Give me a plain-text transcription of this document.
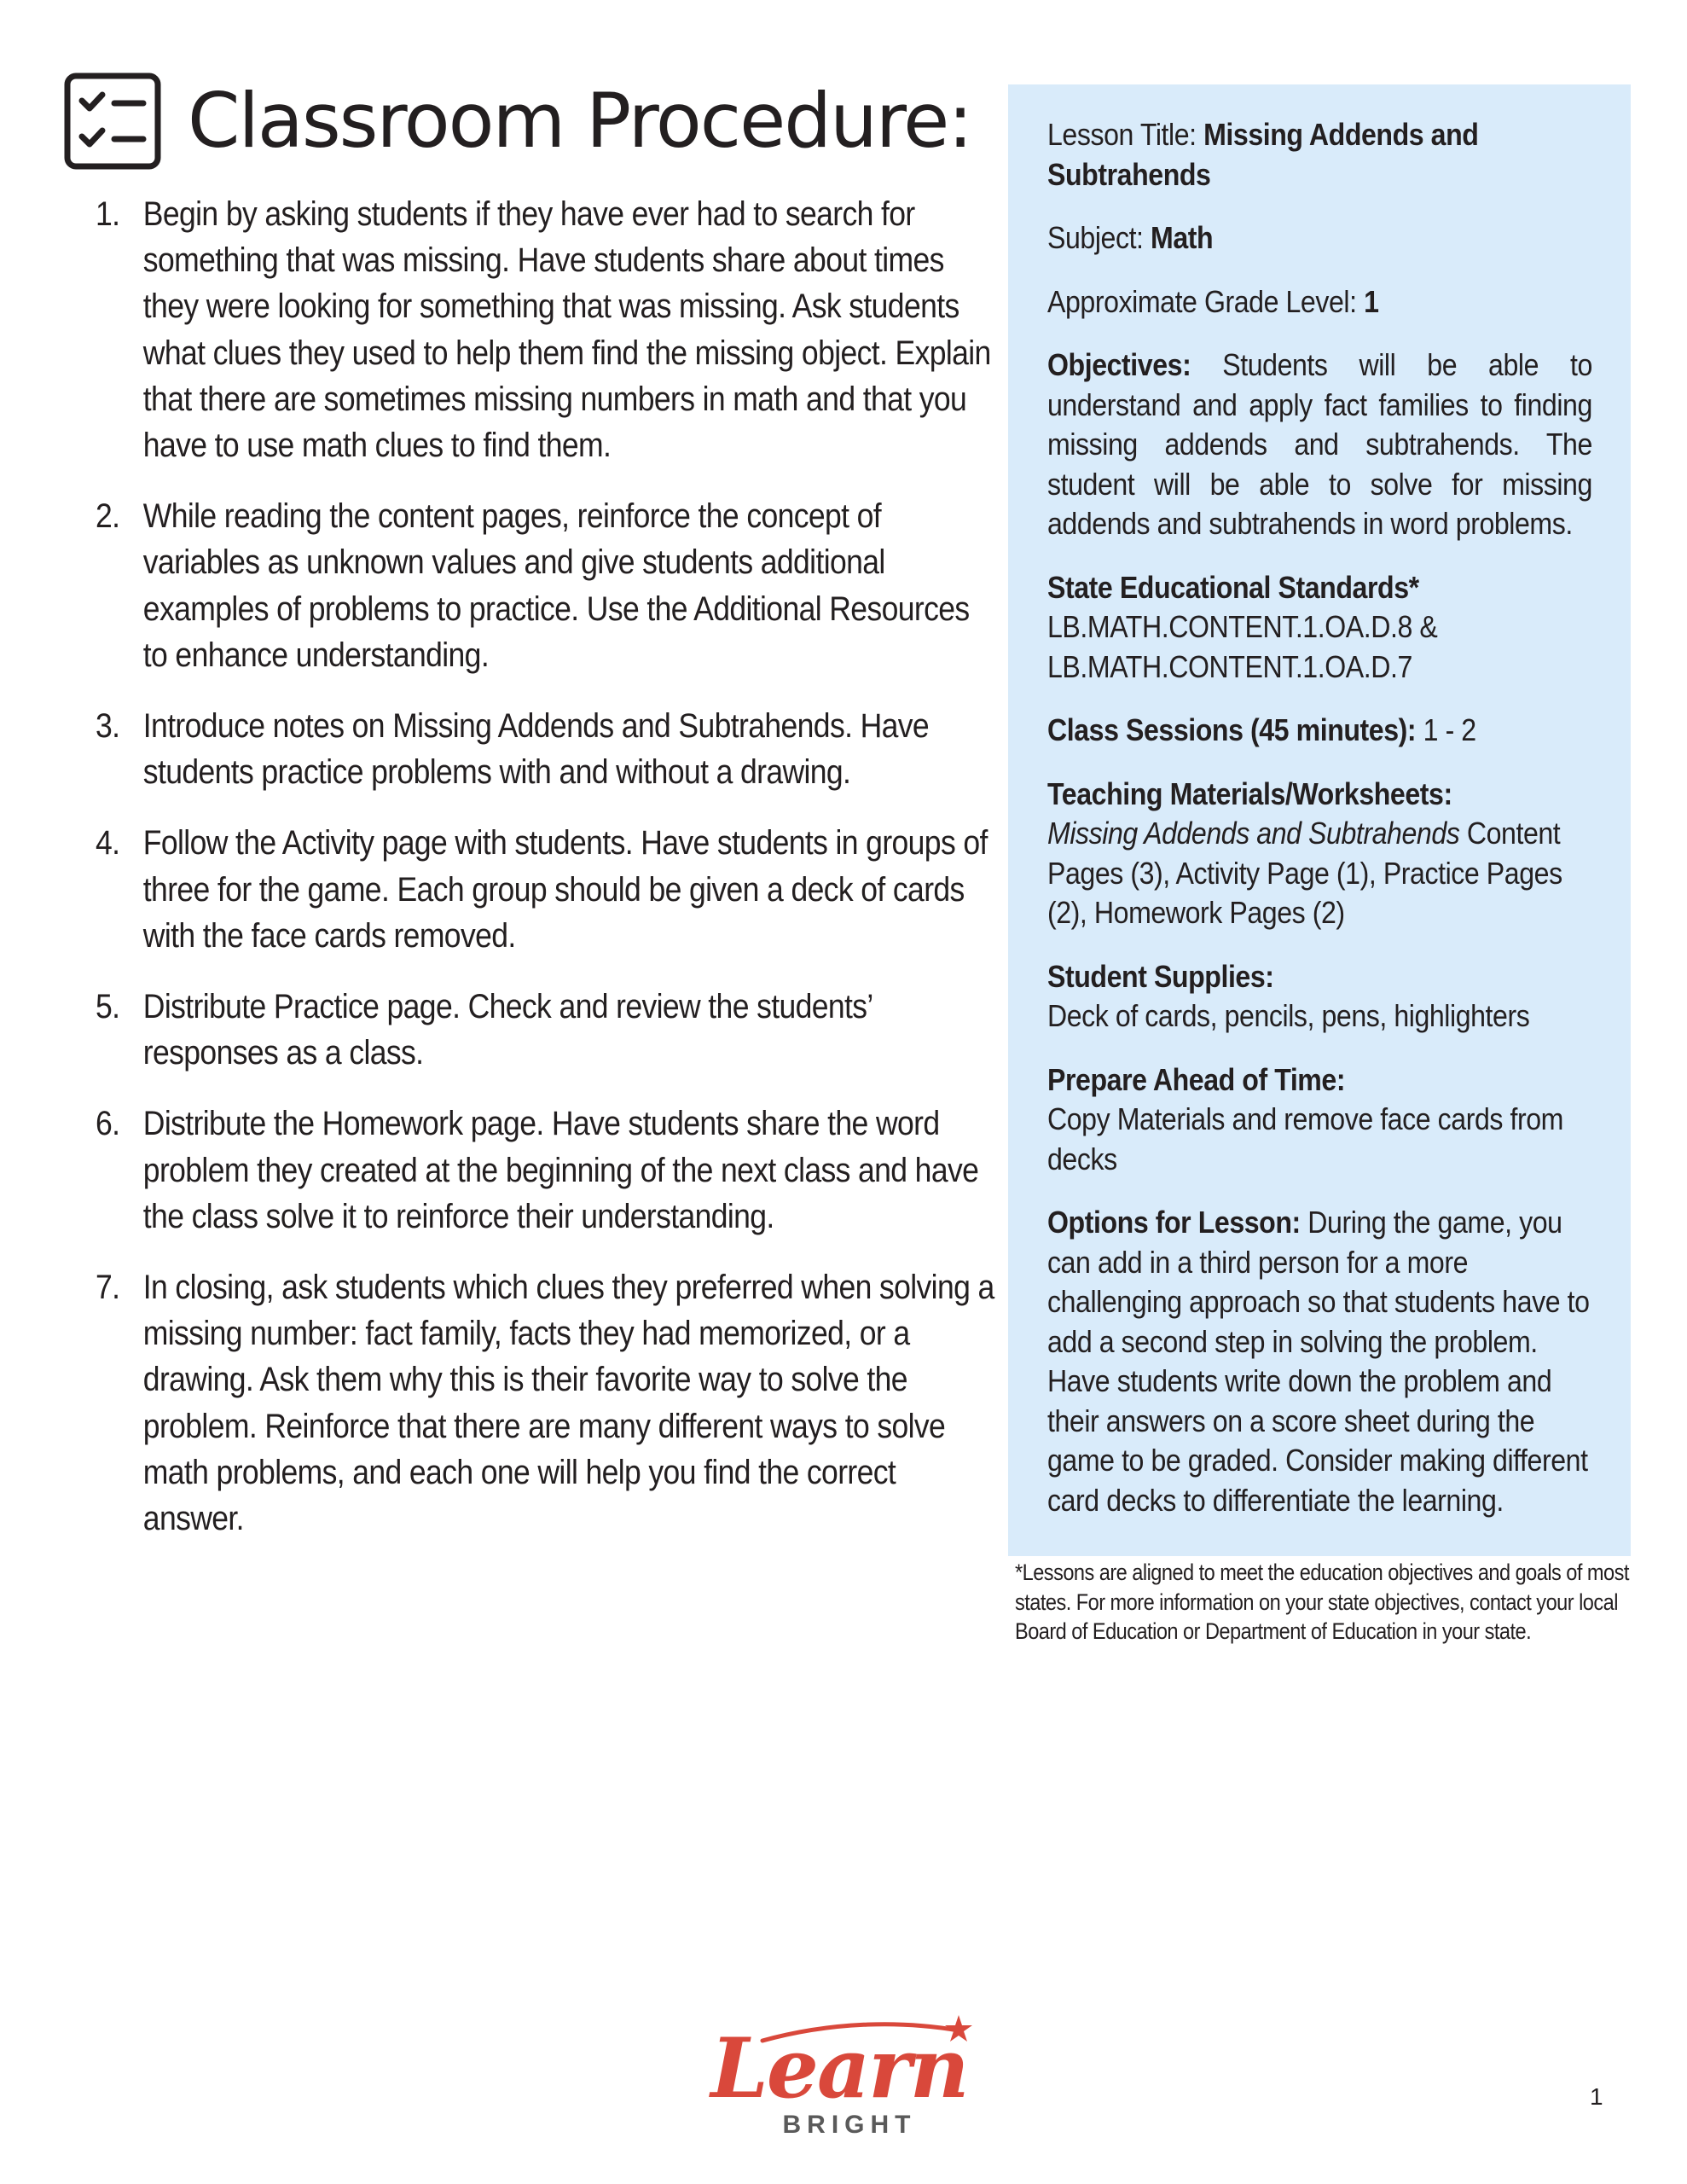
Classroom Procedure:
1. Begin by asking students if they have ever had to search for something that was missing. Have students share about times they were looking for something that was missing. Ask students what clues they used to help them find the missing object. Explain that there are sometimes missing numbers in math and that you have to use math clues to find them.
2. While reading the content pages, reinforce the concept of variables as unknown values and give students additional examples of problems to practice. Use the Additional Resources to enhance understanding.
3. Introduce notes on Missing Addends and Subtrahends. Have students practice problems with and without a drawing.
4. Follow the Activity page with students. Have students in groups of three for the game. Each group should be given a deck of cards with the face cards removed.
5. Distribute Practice page. Check and review the students’ responses as a class.
6. Distribute the Homework page. Have students share the word problem they created at the beginning of the next class and have the class solve it to reinforce their understanding.
7. In closing, ask students which clues they preferred when solving a missing number: fact family, facts they had memorized, or a drawing. Ask them why this is their favorite way to solve the problem. Reinforce that there are many different ways to solve math problems, and each one will help you find the correct answer.
Lesson Title: Missing Addends and Subtrahends
Subject: Math
Approximate Grade Level: 1
Objectives: Students will be able to understand and apply fact families to finding missing addends and subtrahends. The student will be able to solve for missing addends and subtrahends in word problems.
State Educational Standards*
LB.MATH.CONTENT.1.OA.D.8 &
LB.MATH.CONTENT.1.OA.D.7
Class Sessions (45 minutes): 1 - 2
Teaching Materials/Worksheets:
Missing Addends and Subtrahends Content Pages (3), Activity Page (1), Practice Pages (2), Homework Pages (2)
Student Supplies:
Deck of cards, pencils, pens, highlighters
Prepare Ahead of Time:
Copy Materials and remove face cards from decks
Options for Lesson: During the game, you can add in a third person for a more challenging approach so that students have to add a second step in solving the problem. Have students write down the problem and their answers on a score sheet during the game to be graded. Consider making different card decks to differentiate the learning.
*Lessons are aligned to meet the education objectives and goals of most states. For more information on your state objectives, contact your local Board of Education or Department of Education in your state.
Learn
BRIGHT
1
